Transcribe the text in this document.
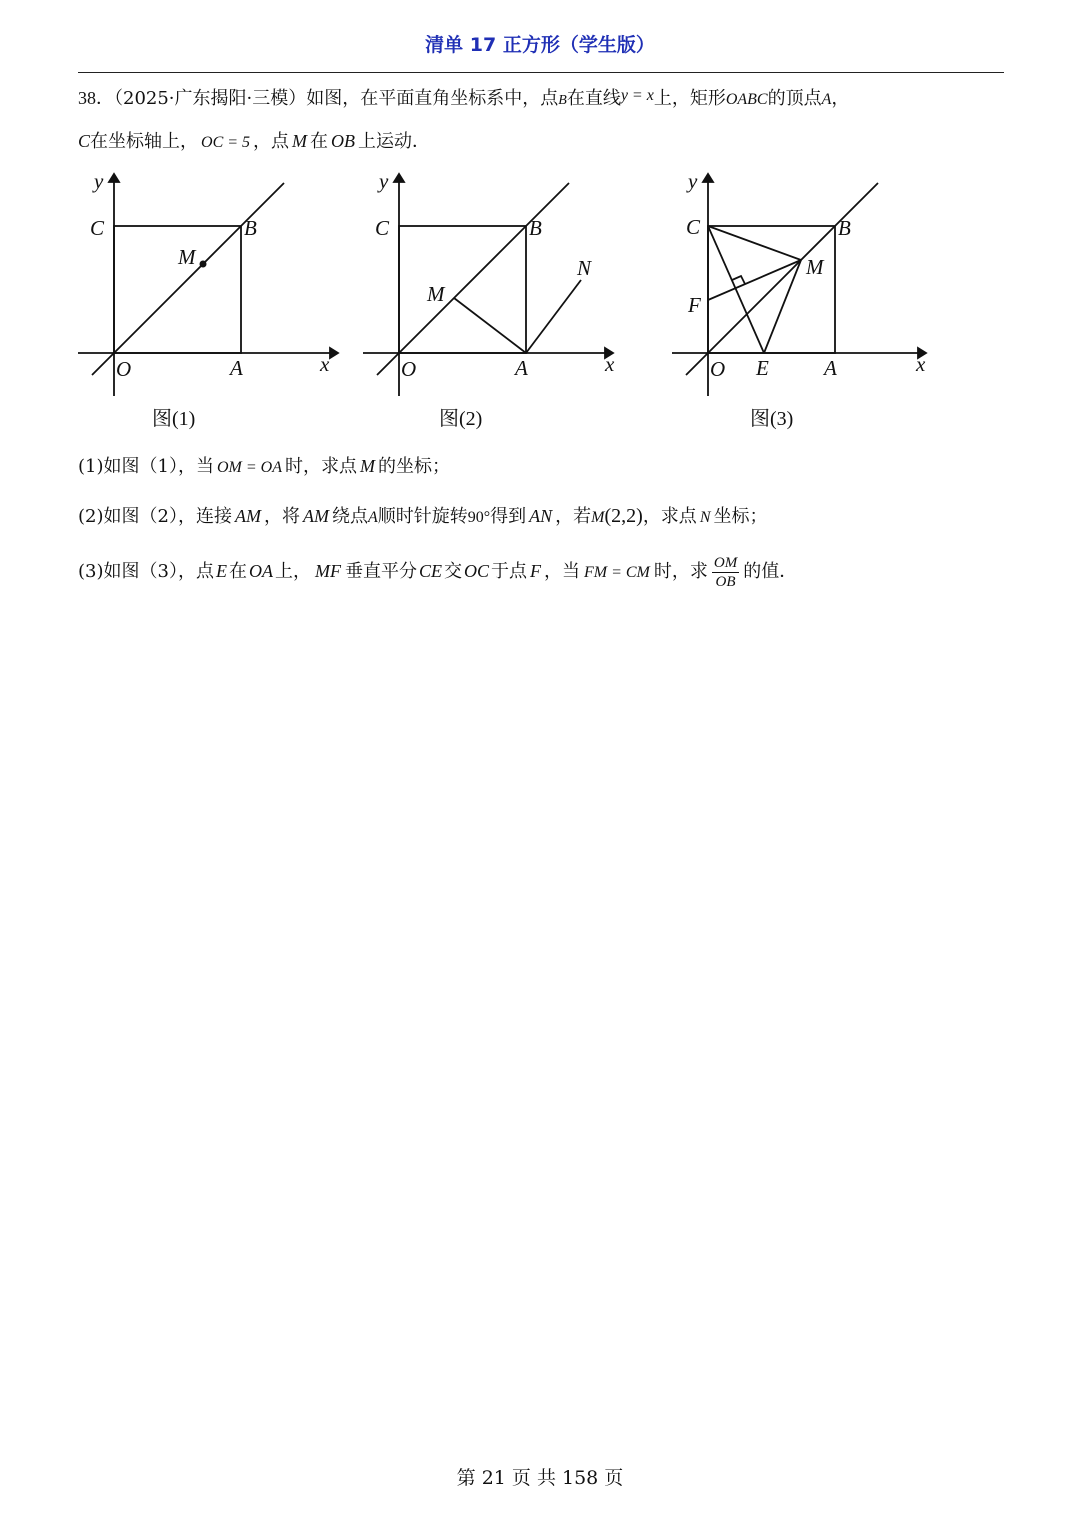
清单 17 正方形（学生版）
38．（2025·广东揭阳·三模）如图，在平面直角坐标系中，点B在直线y = x上，矩形OABC的顶点A，
C在坐标轴上， OC = 5 ，点 M 在 OB 上运动．
y
x
C	B
M
O	A
图(1)
y
x
C	B
M
N
O	A
图(2)
y
x
C	B
M
F
O E	A
图(3)
(1)如图（1），当 OM = OA 时，求点 M 的坐标；
(2)如图（2），连接 AM ，将 AM 绕点A顺时针旋转90°得到 AN ，若M(2,2)，求点 N 坐标；
(3)如图（3），点 E 在 OA 上， MF 垂直平分 CE 交 OC 于点 F ，当 FM = CM 时，求 $\frac{OM}{OB}$ 的值．
第 21 页 共 158 页
